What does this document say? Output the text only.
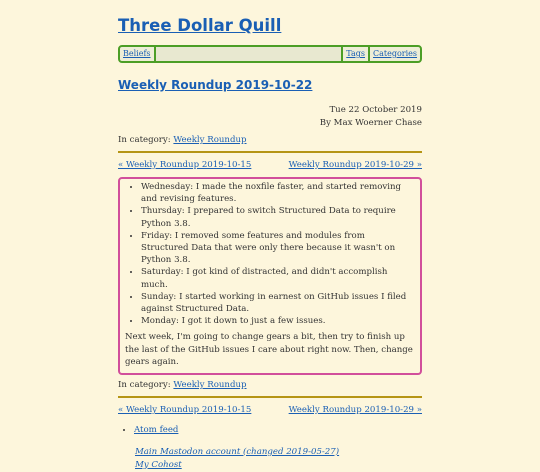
Three Dollar Quill
Beliefs	Tags	Categories
Weekly Roundup 2019-10-22
Tue 22 October 2019
By Max Woerner Chase
In category: Weekly Roundup
« Weekly Roundup 2019-10-15	Weekly Roundup 2019-10-29 »
• Wednesday: I made the noxfile faster, and started removing and revising features.
• Thursday: I prepared to switch Structured Data to require Python 3.8.
• Friday: I removed some features and modules from Structured Data that were only there because it wasn't on Python 3.8.
• Saturday: I got kind of distracted, and didn't accomplish much.
• Sunday: I started working in earnest on GitHub issues I filed against Structured Data.
• Monday: I got it down to just a few issues.

Next week, I'm going to change gears a bit, then try to finish up the last of the GitHub issues I care about right now. Then, change gears again.

In category: Weekly Roundup
« Weekly Roundup 2019-10-15	Weekly Roundup 2019-10-29 »
• Atom feed
Main Mastodon account (changed 2019-05-27)
My Cohost
